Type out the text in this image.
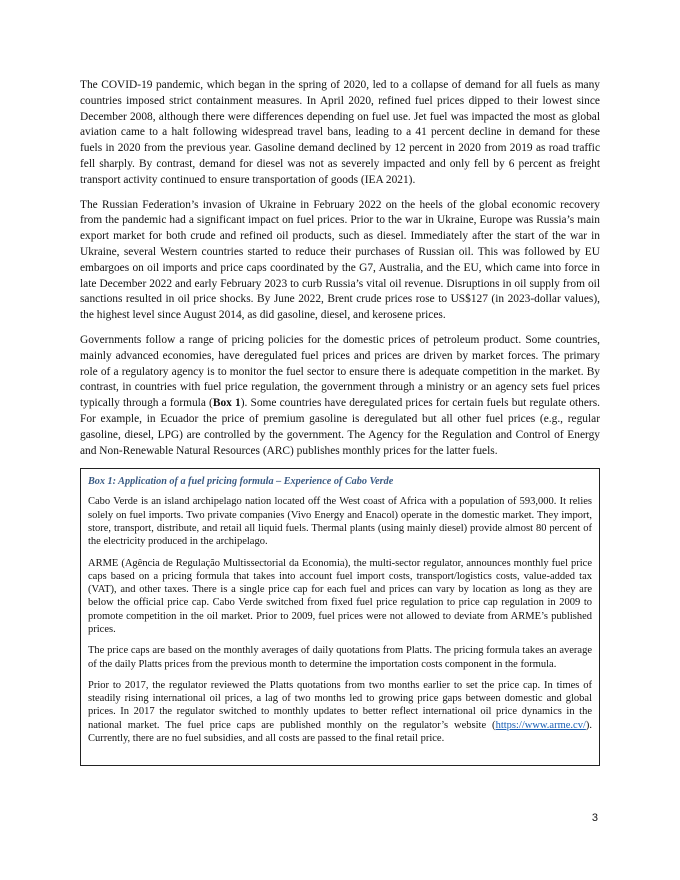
The COVID-19 pandemic, which began in the spring of 2020, led to a collapse of demand for all fuels as many countries imposed strict containment measures. In April 2020, refined fuel prices dipped to their lowest since December 2008, although there were differences depending on fuel use. Jet fuel was impacted the most as global aviation came to a halt following widespread travel bans, leading to a 41 percent decline in demand for these fuels in 2020 from the previous year. Gasoline demand declined by 12 percent in 2020 from 2019 as road traffic fell sharply. By contrast, demand for diesel was not as severely impacted and only fell by 6 percent as freight transport activity continued to ensure transportation of goods (IEA 2021).

The Russian Federation’s invasion of Ukraine in February 2022 on the heels of the global economic recovery from the pandemic had a significant impact on fuel prices. Prior to the war in Ukraine, Europe was Russia’s main export market for both crude and refined oil products, such as diesel. Immediately after the start of the war in Ukraine, several Western countries started to reduce their purchases of Russian oil. This was followed by EU embargoes on oil imports and price caps coordinated by the G7, Australia, and the EU, which came into force in late December 2022 and early February 2023 to curb Russia’s vital oil revenue. Disruptions in oil supply from oil sanctions resulted in oil price shocks. By June 2022, Brent crude prices rose to US$127 (in 2023-dollar values), the highest level since August 2014, as did gasoline, diesel, and kerosene prices.

Governments follow a range of pricing policies for the domestic prices of petroleum product. Some countries, mainly advanced economies, have deregulated fuel prices and prices are driven by market forces. The primary role of a regulatory agency is to monitor the fuel sector to ensure there is adequate competition in the market. By contrast, in countries with fuel price regulation, the government through a ministry or an agency sets fuel prices typically through a formula (Box 1). Some countries have deregulated prices for certain fuels but regulate others. For example, in Ecuador the price of premium gasoline is deregulated but all other fuel prices (e.g., regular gasoline, diesel, LPG) are controlled by the government. The Agency for the Regulation and Control of Energy and Non-Renewable Natural Resources (ARC) publishes monthly prices for the latter fuels.

Box 1: Application of a fuel pricing formula – Experience of Cabo Verde

Cabo Verde is an island archipelago nation located off the West coast of Africa with a population of 593,000. It relies solely on fuel imports. Two private companies (Vivo Energy and Enacol) operate in the domestic market. They import, store, transport, distribute, and retail all liquid fuels. Thermal plants (using mainly diesel) provide almost 80 percent of the electricity produced in the archipelago.

ARME (Agência de Regulação Multissectorial da Economia), the multi-sector regulator, announces monthly fuel price caps based on a pricing formula that takes into account fuel import costs, transport/logistics costs, value-added tax (VAT), and other taxes. There is a single price cap for each fuel and prices can vary by location as long as they are below the official price cap. Cabo Verde switched from fixed fuel price regulation to price cap regulation in 2009 to promote competition in the oil market. Prior to 2009, fuel prices were not allowed to deviate from ARME’s published prices.

The price caps are based on the monthly averages of daily quotations from Platts. The pricing formula takes an average of the daily Platts prices from the previous month to determine the importation costs component in the formula.

Prior to 2017, the regulator reviewed the Platts quotations from two months earlier to set the price cap. In times of steadily rising international oil prices, a lag of two months led to growing price gaps between domestic and global prices. In 2017 the regulator switched to monthly updates to better reflect international oil price dynamics in the national market. The fuel price caps are published monthly on the regulator’s website (https://www.arme.cv/). Currently, there are no fuel subsidies, and all costs are passed to the final retail price.

3
